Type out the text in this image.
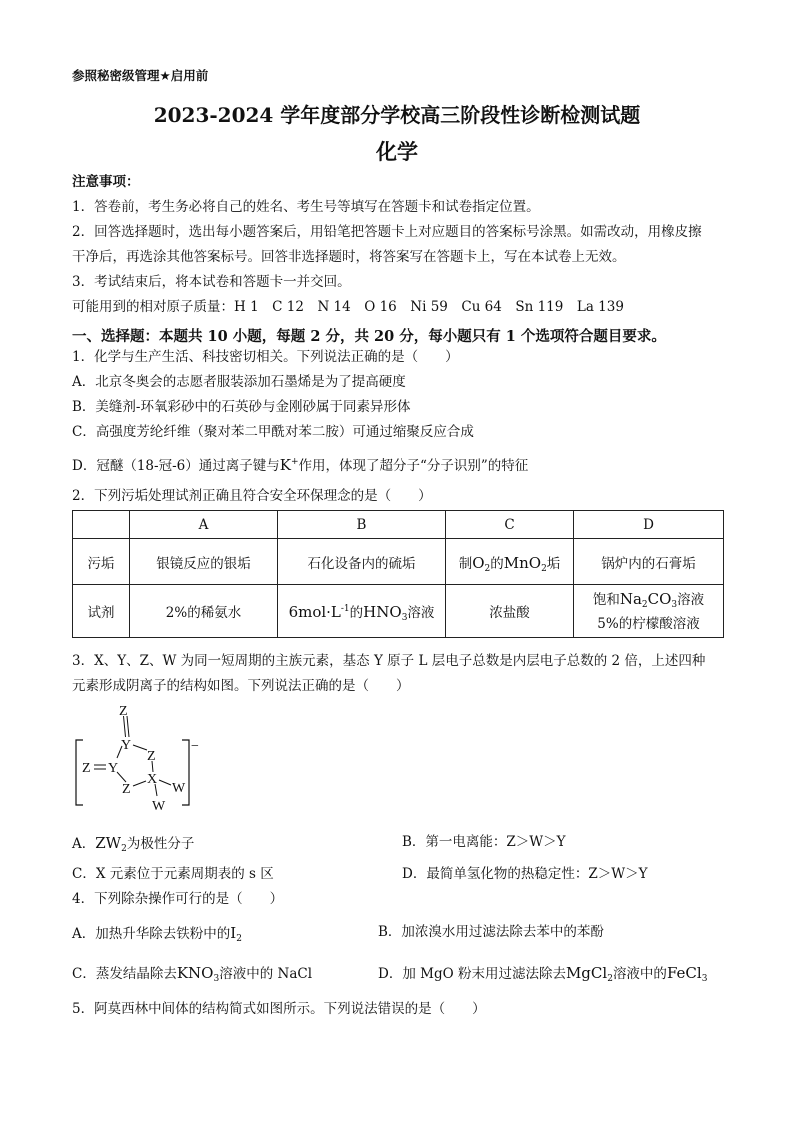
参照秘密级管理★启用前
2023-2024 学年度部分学校高三阶段性诊断检测试题
化学
注意事项：
1．答卷前，考生务必将自己的姓名、考生号等填写在答题卡和试卷指定位置。
2．回答选择题时，选出每小题答案后，用铅笔把答题卡上对应题目的答案标号涂黑。如需改动，用橡皮擦
干净后，再选涂其他答案标号。回答非选择题时，将答案写在答题卡上，写在本试卷上无效。
3．考试结束后，将本试卷和答题卡一并交回。
可能用到的相对原子质量：H 1　C 12　N 14　O 16　Ni 59　Cu 64　Sn 119　La 139
一、选择题：本题共 10 小题，每题 2 分，共 20 分，每小题只有 1 个选项符合题目要求。
1．化学与生产生活、科技密切相关。下列说法正确的是（　　）
A．北京冬奥会的志愿者服装添加石墨烯是为了提高硬度
B．美缝剂-环氧彩砂中的石英砂与金刚砂属于同素异形体
C．高强度芳纶纤维（聚对苯二甲酰对苯二胺）可通过缩聚反应合成
D．冠醚（18-冠-6）通过离子键与K+作用，体现了超分子“分子识别”的特征
2．下列污垢处理试剂正确且符合安全环保理念的是（　　）
	A	B	C	D
污垢	银镜反应的银垢	石化设备内的硫垢	制$O_2$的MnO$_2$垢	锅炉内的石膏垢
试剂	2%的稀氨水	$6mol\cdot L^{-1}$的$HNO_3$溶液	浓盐酸	饱和$Na_2CO_3$溶液
5%的柠檬酸溶液
3．X、Y、Z、W 为同一短周期的主族元素，基态 Y 原子 L 层电子总数是内层电子总数的 2 倍，上述四种
元素形成阴离子的结构如图。下列说法正确的是（　　）
−
Z
Y
Z
Z Y
X
W
Z
W
A．$ZW_2$为极性分子	B．第一电离能：Z＞W＞Y
C．X 元素位于元素周期表的 s 区	D．最简单氢化物的热稳定性：Z＞W＞Y
4．下列除杂操作可行的是（　　）
A．加热升华除去铁粉中的$I_2$	B．加浓溴水用过滤法除去苯中的苯酚
C．蒸发结晶除去$KNO_3$溶液中的 NaCl	D．加 MgO 粉末用过滤法除去MgCl$_2$溶液中的FeCl$_3$
5．阿莫西林中间体的结构简式如图所示。下列说法错误的是（　　）
